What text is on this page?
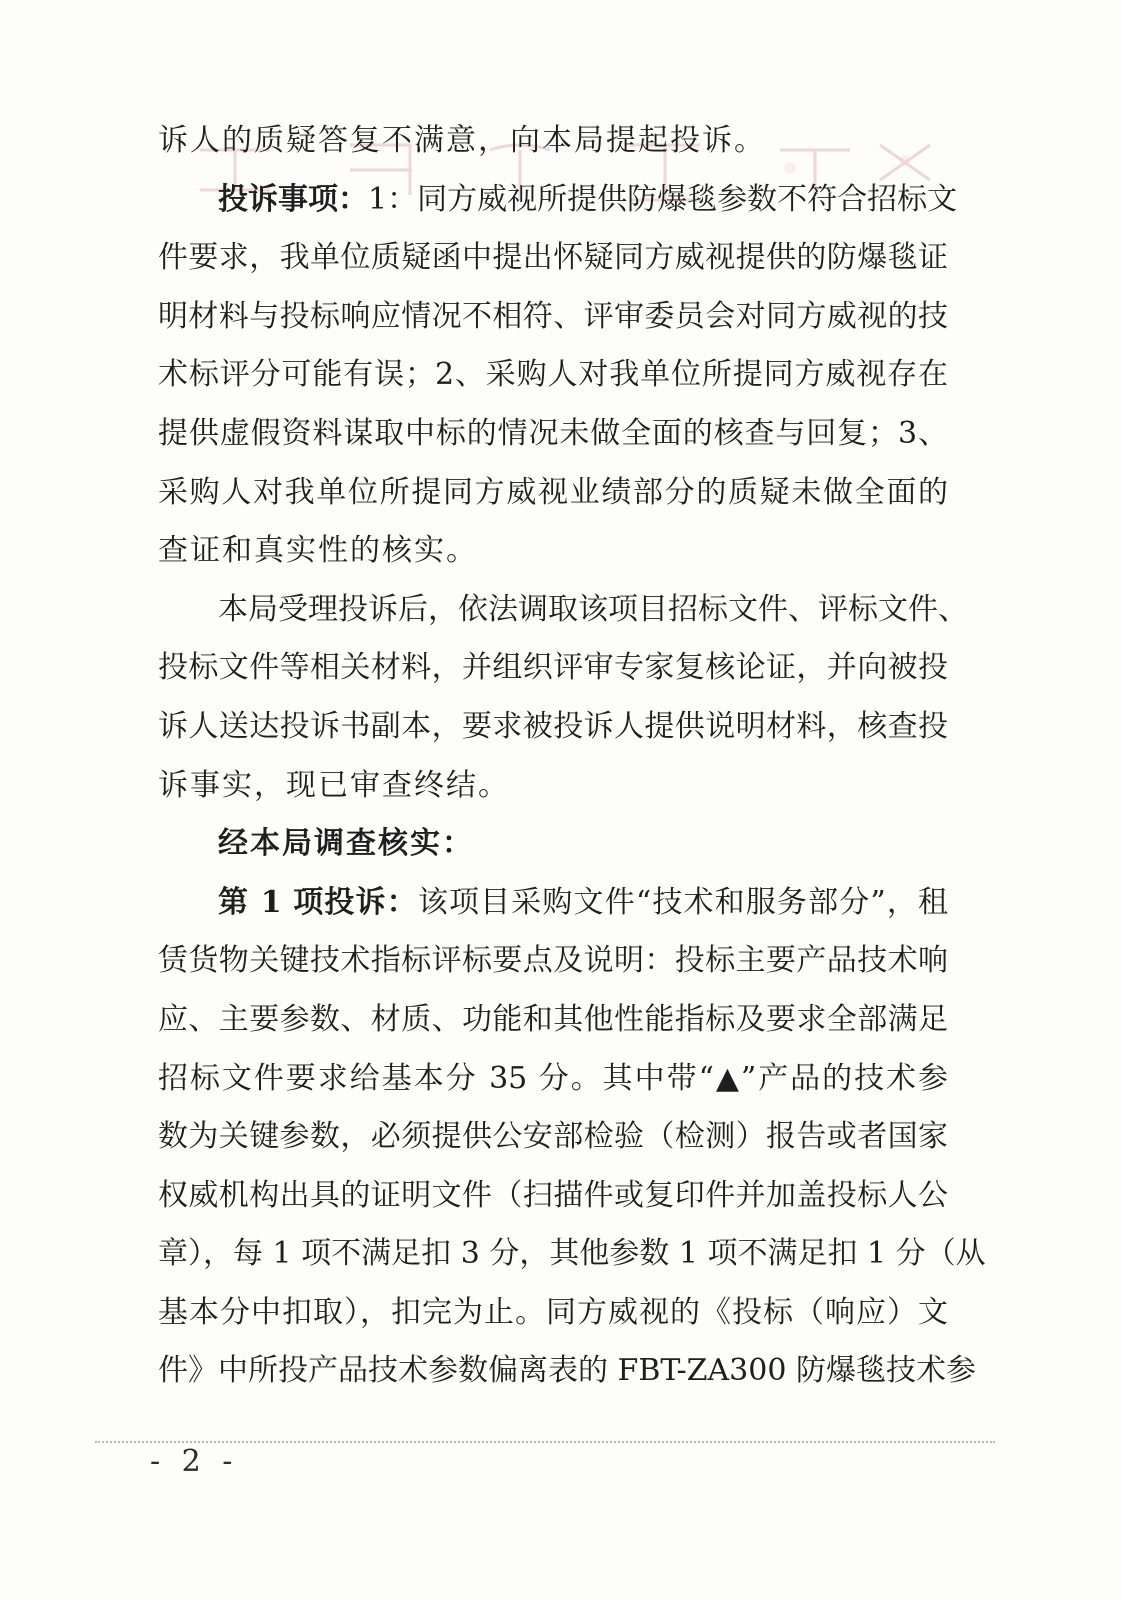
诉人的质疑答复不满意，向本局提起投诉。
投诉事项：1：同方威视所提供防爆毯参数不符合招标文
件要求，我单位质疑函中提出怀疑同方威视提供的防爆毯证
明材料与投标响应情况不相符、评审委员会对同方威视的技
术标评分可能有误；2、采购人对我单位所提同方威视存在
提供虚假资料谋取中标的情况未做全面的核查与回复；3、
采购人对我单位所提同方威视业绩部分的质疑未做全面的
查证和真实性的核实。
本局受理投诉后，依法调取该项目招标文件、评标文件、
投标文件等相关材料，并组织评审专家复核论证，并向被投
诉人送达投诉书副本，要求被投诉人提供说明材料，核查投
诉事实，现已审查终结。
经本局调查核实：
第 1 项投诉：该项目采购文件“技术和服务部分”，租
赁货物关键技术指标评标要点及说明：投标主要产品技术响
应、主要参数、材质、功能和其他性能指标及要求全部满足
招标文件要求给基本分 35 分。其中带“▲”产品的技术参
数为关键参数，必须提供公安部检验（检测）报告或者国家
权威机构出具的证明文件（扫描件或复印件并加盖投标人公
章），每 1 项不满足扣 3 分，其他参数 1 项不满足扣 1 分（从
基本分中扣取），扣完为止。同方威视的《投标（响应）文
件》中所投产品技术参数偏离表的 FBT-ZA300 防爆毯技术参
- 2 -
